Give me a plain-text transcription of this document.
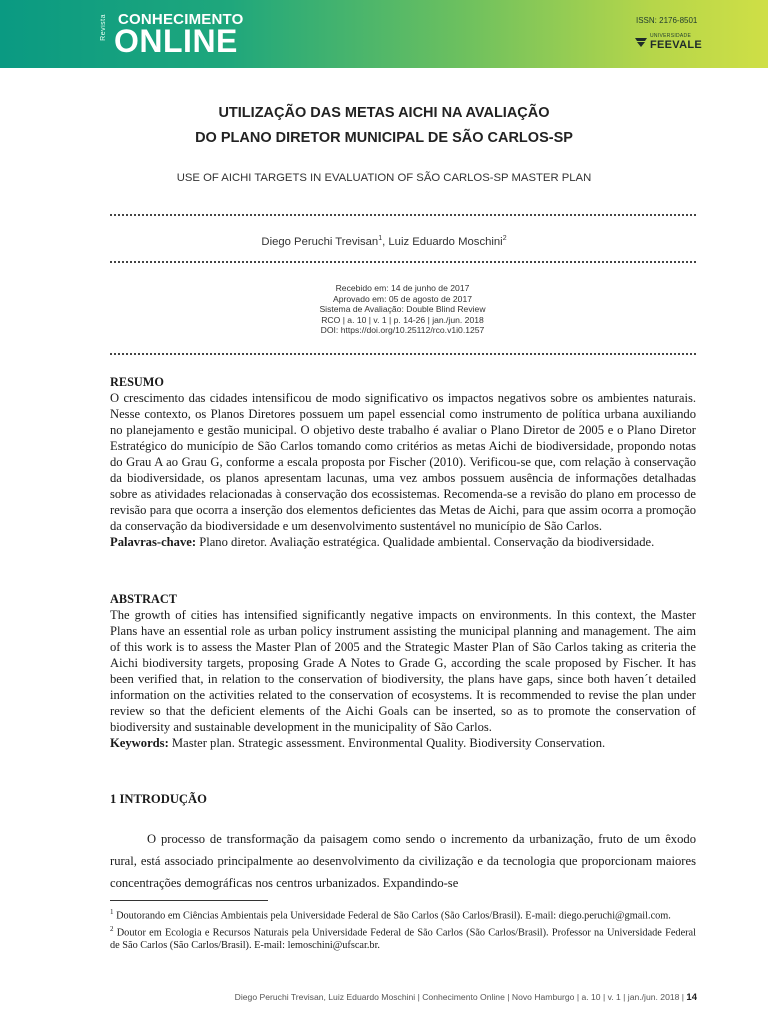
Revista CONHECIMENTO
ONLINE
ISSN: 2176-8501
UNIVERSIDADE
FEEVALE
UTILIZAÇÃO DAS METAS AICHI NA AVALIAÇÃO
DO PLANO DIRETOR MUNICIPAL DE SÃO CARLOS-SP
USE OF AICHI TARGETS IN EVALUATION OF SÃO CARLOS-SP MASTER PLAN
Diego Peruchi Trevisan$^1$, Luiz Eduardo Moschini$^2$
Recebido em: 14 de junho de 2017
Aprovado em: 05 de agosto de 2017
Sistema de Avaliação: Double Blind Review
RCO | a. 10 | v. 1 | p. 14-26 | jan./jun. 2018
DOI: https://doi.org/10.25112/rco.v1i0.1257
RESUMO
O crescimento das cidades intensificou de modo significativo os impactos negativos sobre os ambientes naturais. Nesse contexto, os Planos Diretores possuem um papel essencial como instrumento de política urbana auxiliando no planejamento e gestão municipal. O objetivo deste trabalho é avaliar o Plano Diretor de 2005 e o Plano Diretor Estratégico do município de São Carlos tomando como critérios as metas Aichi de biodiversidade, propondo notas do Grau A ao Grau G, conforme a escala proposta por Fischer (2010). Verificou-se que, com relação à conservação da biodiversidade, os planos apresentam lacunas, uma vez ambos possuem ausência de informações detalhadas sobre as atividades relacionadas à conservação dos ecossistemas. Recomenda-se a revisão do plano em processo de revisão para que ocorra a inserção dos elementos deficientes das Metas de Aichi, para que assim ocorra a promoção da conservação da biodiversidade e um desenvolvimento sustentável no município de São Carlos.
Palavras-chave: Plano diretor. Avaliação estratégica. Qualidade ambiental. Conservação da biodiversidade.
ABSTRACT
The growth of cities has intensified significantly negative impacts on environments. In this context, the Master Plans have an essential role as urban policy instrument assisting the municipal planning and management. The aim of this work is to assess the Master Plan of 2005 and the Strategic Master Plan of São Carlos taking as criteria the Aichi biodiversity targets, proposing Grade A Notes to Grade G, according the scale proposed by Fischer. It has been verified that, in relation to the conservation of biodiversity, the plans have gaps, since both haven´t detailed information on the activities related to the conservation of ecosystems. It is recommended to revise the plan under review so that the deficient elements of the Aichi Goals can be inserted, so as to promote the conservation of biodiversity and sustainable development in the municipality of São Carlos.
Keywords: Master plan. Strategic assessment. Environmental Quality. Biodiversity Conservation.
1 INTRODUÇÃO
O processo de transformação da paisagem como sendo o incremento da urbanização, fruto de um êxodo rural, está associado principalmente ao desenvolvimento da civilização e da tecnologia que proporcionam maiores concentrações demográficas nos centros urbanizados. Expandindo-se
$^1$ Doutorando em Ciências Ambientais pela Universidade Federal de São Carlos (São Carlos/Brasil). E-mail: diego.peruchi@gmail.com.
$^2$ Doutor em Ecologia e Recursos Naturais pela Universidade Federal de São Carlos (São Carlos/Brasil). Professor na Universidade Federal de São Carlos (São Carlos/Brasil). E-mail: lemoschini@ufscar.br.
Diego Peruchi Trevisan, Luiz Eduardo Moschini | Conhecimento Online | Novo Hamburgo | a. 10 | v. 1 | jan./jun. 2018 | 14
